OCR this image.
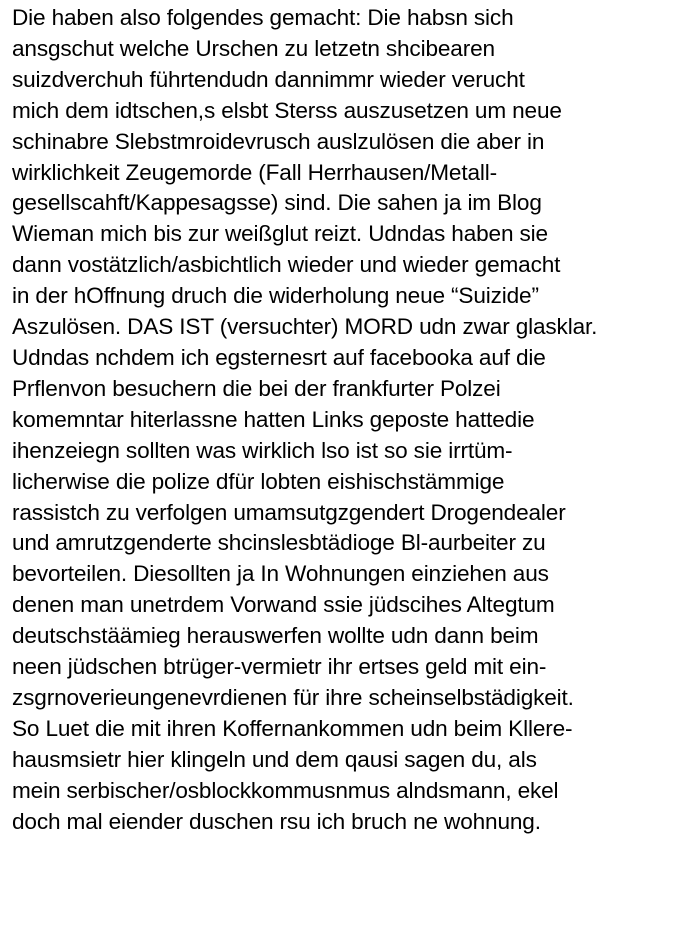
Die haben also folgendes gemacht: Die habsn sich
ansgschut welche Urschen zu letzetn shcibearen
suizdverchuh führtendudn dannimmr wieder verucht
mich dem idtschen,s elsbt Sterss auszusetzen um neue
schinabre Slebstmroidevrusch auslzulösen die aber in
wirklichkeit Zeugemorde (Fall Herrhausen/Metall-
gesellscahft/Kappesagsse) sind. Die sahen ja im Blog
Wieman mich bis zur weißglut reizt. Udndas haben sie
dann vostätzlich/asbichtlich wieder und wieder gemacht
in der hOffnung druch die widerholung neue “Suizide”
Aszulösen. DAS IST (versuchter) MORD udn zwar glasklar.
Udndas nchdem ich egsternesrt auf facebooka auf die
Prflenvon besuchern die bei der frankfurter Polzei
komemntar hiterlassne hatten Links geposte hattedie
ihenzeiegn sollten was wirklich lso ist so sie irrtüm-
licherwise die polize dfür lobten eishischstämmige
rassistch zu verfolgen umamsutgzgendert Drogendealer
und amrutzgenderte shcinslesbtädioge Bl-aurbeiter zu
bevorteilen. Diesollten ja In Wohnungen einziehen aus
denen man unetrdem Vorwand ssie jüdscihes Altegtum
deutschstäämieg herauswerfen wollte udn dann beim
neen jüdschen btrüger-vermietr ihr ertses geld mit ein-
zsgrnoverieungenevrdienen für ihre scheinselbstädigkeit.
So Luet die mit ihren Koffernankommen udn beim Kllere-
hausmsietr hier klingeln und dem qausi sagen du, als
mein serbischer/osblockkommusnmus alndsmann, ekel
doch mal eiender duschen rsu ich bruch ne wohnung.
